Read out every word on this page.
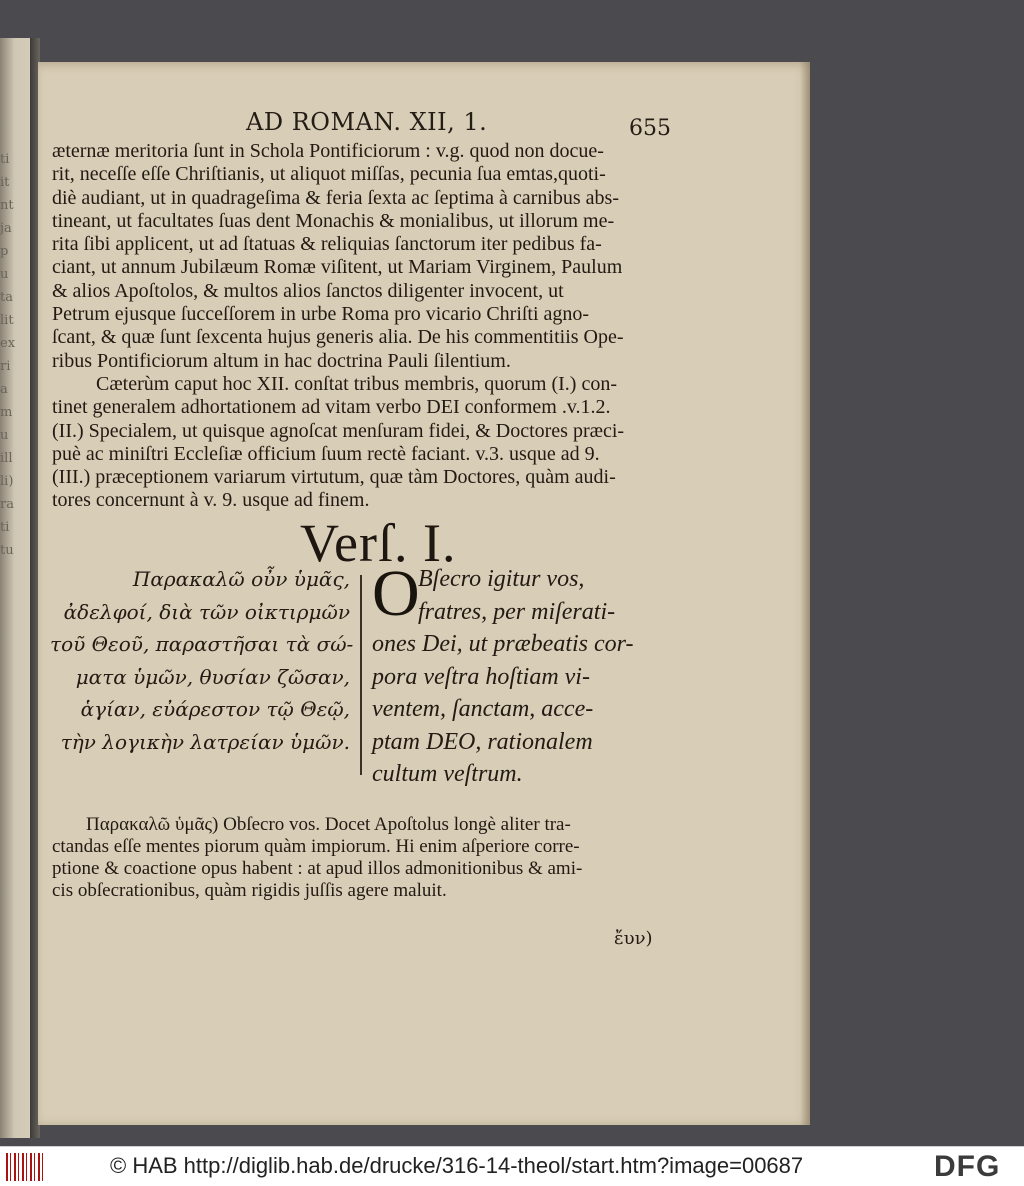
ti
it
nt
ja
p
u
ta
lit
ex
ri
a
m
u
ill
li)
ra
ti
tu
AD ROMAN. XII, 1.	655
æternæ meritoria ſunt in Schola Pontificiorum : v.g. quod non docue-
rit, neceſſe eſſe Chriſtianis, ut aliquot miſſas, pecunia ſua emtas,quoti-
diè audiant, ut in quadrageſima & feria ſexta ac ſeptima à carnibus abs-
tineant, ut facultates ſuas dent Monachis & monialibus, ut illorum me-
rita ſibi applicent, ut ad ſtatuas & reliquias ſanctorum iter pedibus fa-
ciant, ut annum Jubilæum Romæ viſitent, ut Mariam Virginem, Paulum
& alios Apoſtolos, & multos alios ſanctos diligenter invocent, ut
Petrum ejusque ſucceſſorem in urbe Roma pro vicario Chriſti agno-
ſcant, & quæ ſunt ſexcenta hujus generis alia. De his commentitiis Ope-
ribus Pontificiorum altum in hac doctrina Pauli ſilentium.
Cæterùm caput hoc XII. conſtat tribus membris, quorum (I.) con-
tinet generalem adhortationem ad vitam verbo DEI conformem .v.1.2.
(II.) Specialem, ut quisque agnoſcat menſuram fidei, & Doctores præci-
puè ac miniſtri Eccleſiæ officium ſuum rectè faciant. v.3. usque ad 9.
(III.) præceptionem variarum virtutum, quæ tàm Doctores, quàm audi-
tores concernunt à v. 9. usque ad finem.
Verſ. I.
Παρακαλῶ οὖν ὑμᾶς,
ἀδελφοί, διὰ τῶν οἰκτιρμῶν
τοῦ Θεοῦ, παραστῆσαι τὰ σώ-
ματα ὑμῶν, θυσίαν ζῶσαν,
ἁγίαν, εὐάρεστον τῷ Θεῷ,
τὴν λογικὴν λατρείαν ὑμῶν.
O
Bſecro igitur vos,
fratres, per miſerati-
ones Dei, ut præbeatis cor-
pora veſtra hoſtiam vi-
ventem, ſanctam, acce-
ptam DEO, rationalem
cultum veſtrum.
Παρακαλῶ ὑμᾶς) Obſecro vos. Docet Apoſtolus longè aliter tra-
ctandas eſſe mentes piorum quàm impiorum. Hi enim aſperiore corre-
ptione & coactione opus habent : at apud illos admonitionibus & ami-
cis obſecrationibus, quàm rigidis juſſis agere maluit.
ἔυν)
© HAB http://diglib.hab.de/drucke/316-14-theol/start.htm?image=00687	DFG
